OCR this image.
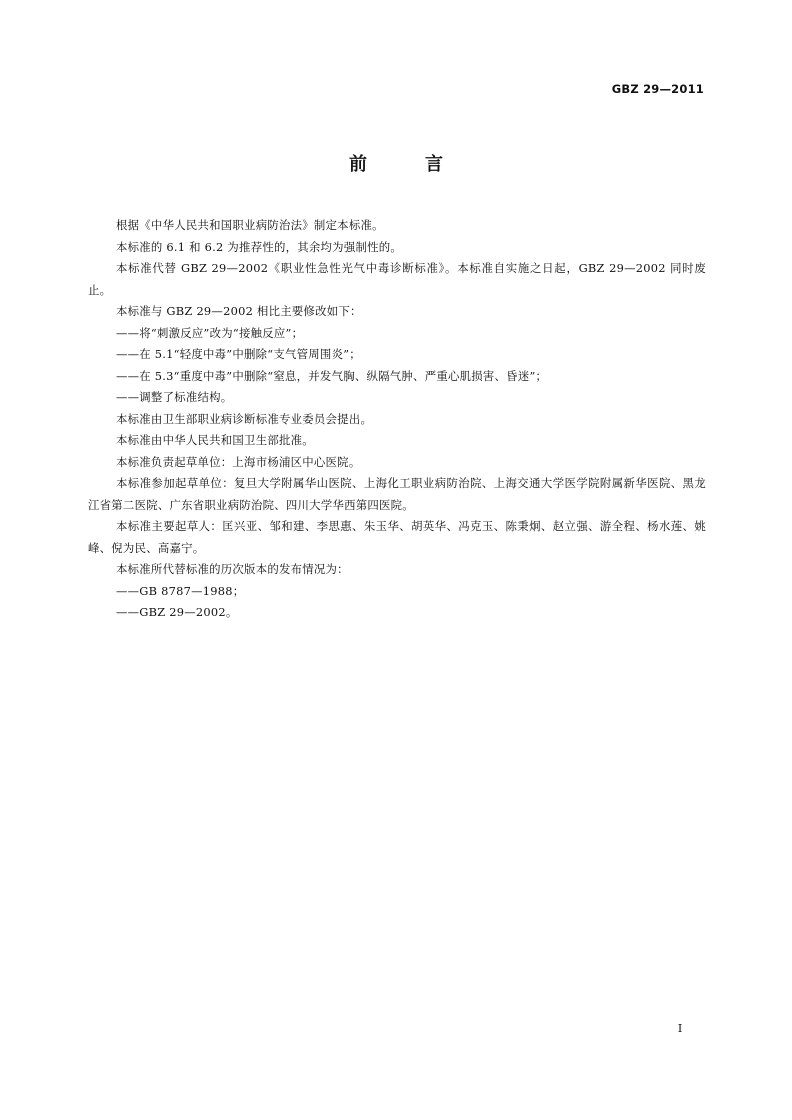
GBZ 29—2011
前	言

根据《中华人民共和国职业病防治法》制定本标准。

本标准的 6.1 和 6.2 为推荐性的，其余均为强制性的。

本标准代替 GBZ 29—2002《职业性急性光气中毒诊断标准》。本标准自实施之日起，GBZ 29—2002 同时废止。

本标准与 GBZ 29—2002 相比主要修改如下：

——将“刺激反应”改为“接触反应”；

——在 5.1“轻度中毒”中删除“支气管周围炎”；

——在 5.3“重度中毒”中删除“窒息，并发气胸、纵隔气肿、严重心肌损害、昏迷”；

——调整了标准结构。

本标准由卫生部职业病诊断标准专业委员会提出。

本标准由中华人民共和国卫生部批准。

本标准负责起草单位：上海市杨浦区中心医院。

本标准参加起草单位：复旦大学附属华山医院、上海化工职业病防治院、上海交通大学医学院附属新华医院、黑龙江省第二医院、广东省职业病防治院、四川大学华西第四医院。

本标准主要起草人：匡兴亚、邹和建、李思惠、朱玉华、胡英华、冯克玉、陈秉炯、赵立强、游全程、杨水莲、姚峰、倪为民、高嘉宁。

本标准所代替标准的历次版本的发布情况为：

——GB 8787—1988；

——GBZ 29—2002。

I
